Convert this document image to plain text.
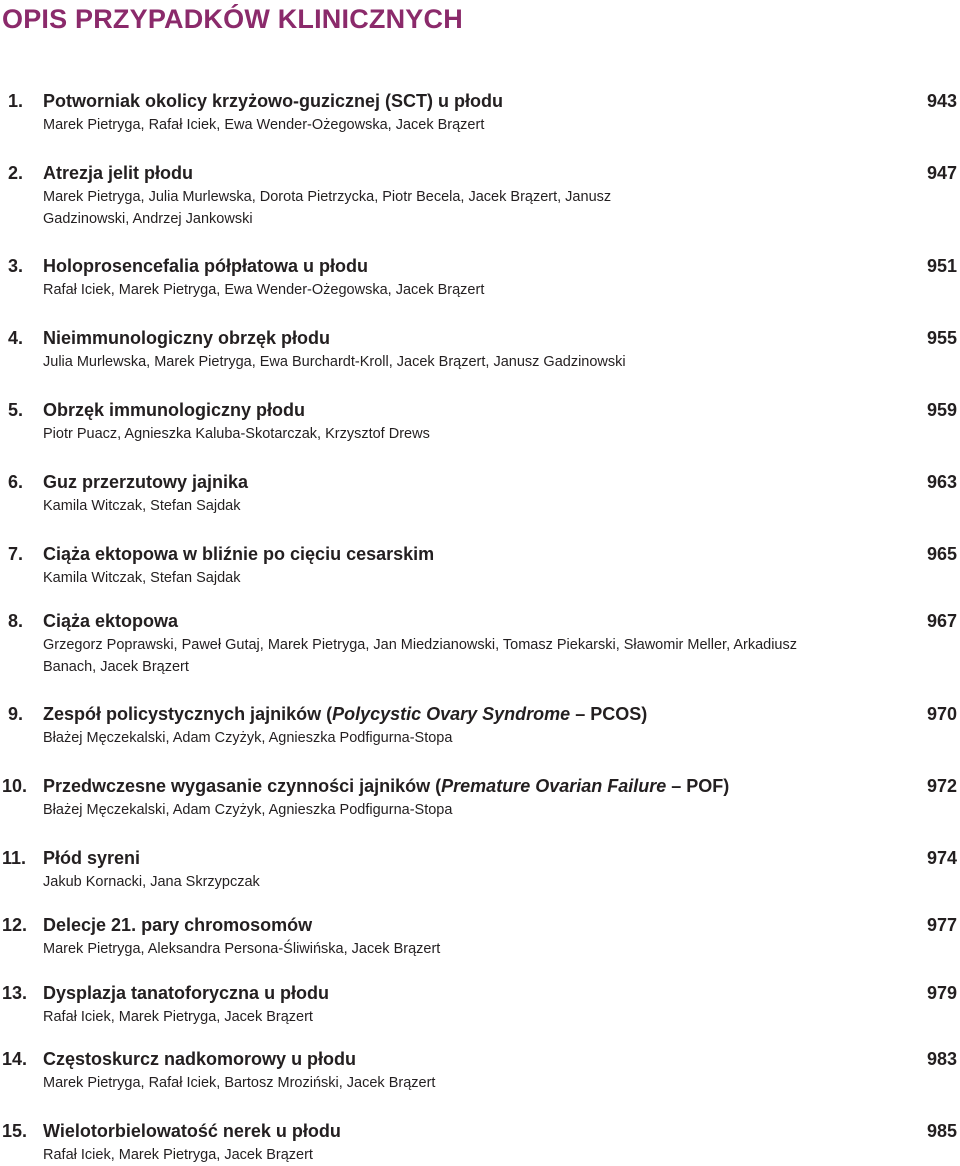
OPIS PRZYPADKÓW KLINICZNYCH
1. Potworniak okolicy krzyżowo-guzicznej (SCT) u płodu	943
Marek Pietryga, Rafał Iciek, Ewa Wender-Ożegowska, Jacek Brązert
2. Atrezja jelit płodu	947
Marek Pietryga, Julia Murlewska, Dorota Pietrzycka, Piotr Becela, Jacek Brązert, Janusz Gadzinowski, Andrzej Jankowski
3. Holoprosencefalia półpłatowa u płodu	951
Rafał Iciek, Marek Pietryga, Ewa Wender-Ożegowska, Jacek Brązert
4. Nieimmunologiczny obrzęk płodu	955
Julia Murlewska, Marek Pietryga, Ewa Burchardt-Kroll, Jacek Brązert, Janusz Gadzinowski
5. Obrzęk immunologiczny płodu	959
Piotr Puacz, Agnieszka Kaluba-Skotarczak, Krzysztof Drews
6. Guz przerzutowy jajnika	963
Kamila Witczak, Stefan Sajdak
7. Ciąża ektopowa w bliźnie po cięciu cesarskim	965
Kamila Witczak, Stefan Sajdak
8. Ciąża ektopowa	967
Grzegorz Poprawski, Paweł Gutaj, Marek Pietryga, Jan Miedzianowski, Tomasz Piekarski, Sławomir Meller, Arkadiusz Banach, Jacek Brązert
9. Zespół policystycznych jajników (Polycystic Ovary Syndrome – PCOS)	970
Błażej Męczekalski, Adam Czyżyk, Agnieszka Podfigurna-Stopa
10. Przedwczesne wygasanie czynności jajników (Premature Ovarian Failure – POF)	972
Błażej Męczekalski, Adam Czyżyk, Agnieszka Podfigurna-Stopa
11. Płód syreni	974
Jakub Kornacki, Jana Skrzypczak
12. Delecje 21. pary chromosomów	977
Marek Pietryga, Aleksandra Persona-Śliwińska, Jacek Brązert
13. Dysplazja tanatoforyczna u płodu	979
Rafał Iciek, Marek Pietryga, Jacek Brązert
14. Częstoskurcz nadkomorowy u płodu	983
Marek Pietryga, Rafał Iciek, Bartosz Mroziński, Jacek Brązert
15. Wielotorbielowatość nerek u płodu	985
Rafał Iciek, Marek Pietryga, Jacek Brązert
